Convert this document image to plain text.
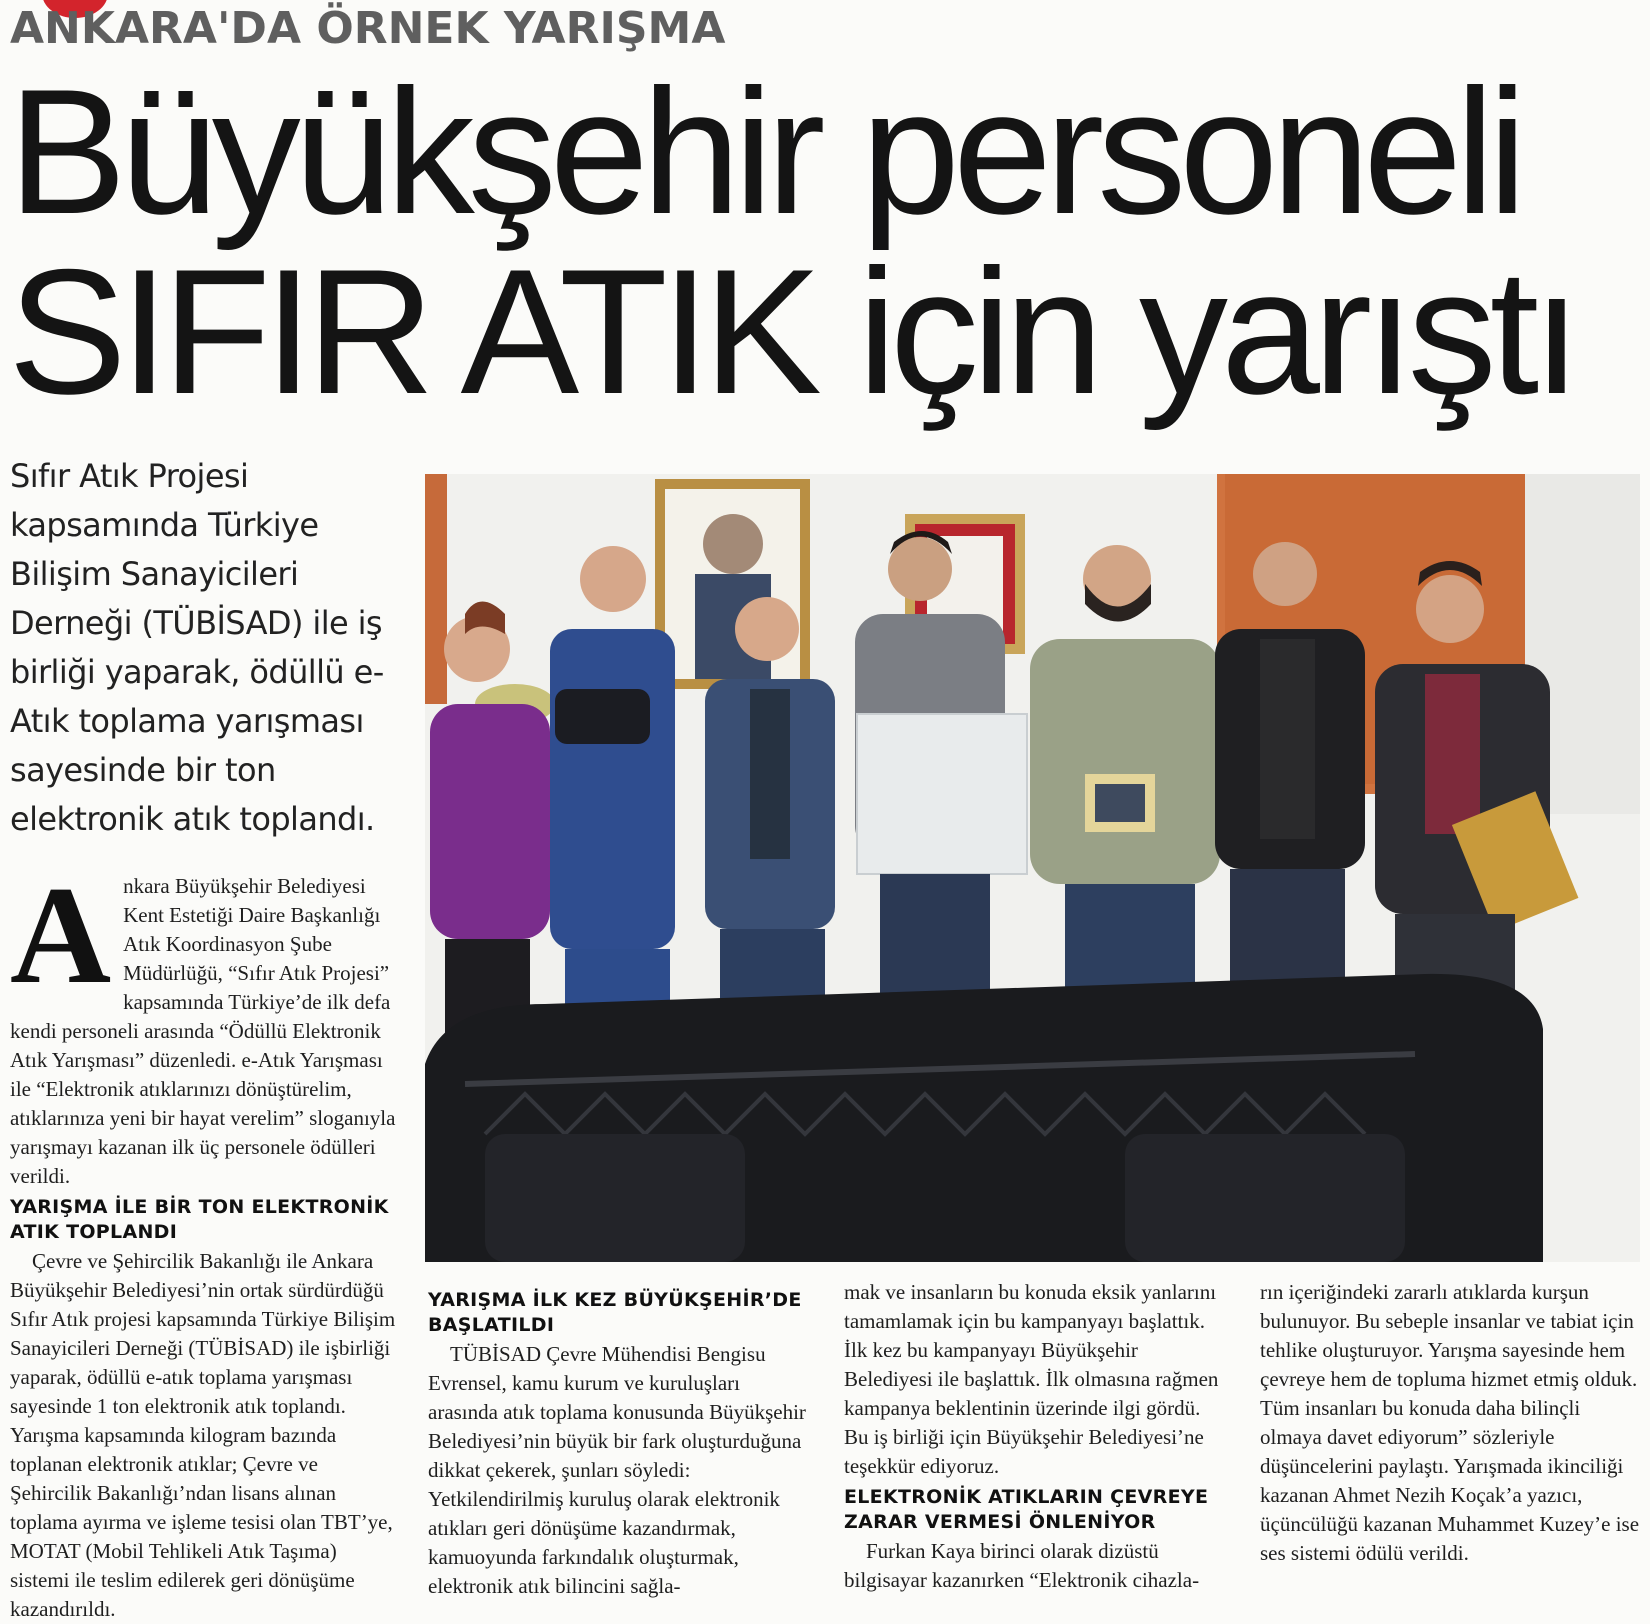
ANKARA'DA ÖRNEK YARIŞMA
Büyükşehir personeli
SIFIR ATIK için yarıştı

Sıfır Atık Projesi kapsamında Türkiye Bilişim Sanayicileri Derneği (TÜBİSAD) ile iş birliği yaparak, ödüllü e-Atık toplama yarışması sayesinde bir ton elektronik atık toplandı.

A nkara Büyükşehir Belediyesi Kent Estetiği Daire Başkanlığı Atık Koordinasyon Şube Müdürlüğü, “Sıfır Atık Projesi” kapsamında Türkiye’de ilk defa kendi personeli arasında “Ödüllü Elektronik Atık Yarışması” düzenledi. e-Atık Yarışması ile “Elektronik atıklarınızı dönüştürelim, atıklarınıza yeni bir hayat verelim” sloganıyla yarışmayı kazanan ilk üç personele ödülleri verildi.

YARIŞMA İLE BİR TON ELEKTRONİK ATIK TOPLANDI

Çevre ve Şehircilik Bakanlığı ile Ankara Büyükşehir Belediyesi’nin ortak sürdürdüğü Sıfır Atık projesi kapsamında Türkiye Bilişim Sanayicileri Derneği (TÜBİSAD) ile işbirliği yaparak, ödüllü e-atık toplama yarışması sayesinde 1 ton elektronik atık toplandı. Yarışma kapsamında kilogram bazında toplanan elektronik atıklar; Çevre ve Şehircilik Bakanlığı’ndan lisans alınan toplama ayırma ve işleme tesisi olan TBT’ye, MOTAT (Mobil Tehlikeli Atık Taşıma) sistemi ile teslim edilerek geri dönüşüme kazandırıldı.

YARIŞMA İLK KEZ BÜYÜKŞEHİR’DE BAŞLATILDI

TÜBİSAD Çevre Mühendisi Bengisu Evrensel, kamu kurum ve kuruluşları arasında atık toplama konusunda Büyükşehir Belediyesi’nin büyük bir fark oluşturduğuna dikkat çekerek, şunları söyledi: Yetkilendirilmiş kuruluş olarak elektronik atıkları geri dönüşüme kazandırmak, kamuoyunda farkındalık oluşturmak, elektronik atık bilincini sağla-

mak ve insanların bu konuda eksik yanlarını tamamlamak için bu kampanyayı başlattık. İlk kez bu kampanyayı Büyükşehir Belediyesi ile başlattık. İlk olmasına rağmen kampanya beklentinin üzerinde ilgi gördü. Bu iş birliği için Büyükşehir Belediyesi’ne teşekkür ediyoruz.

ELEKTRONİK ATIKLARIN ÇEVREYE ZARAR VERMESİ ÖNLENİYOR

Furkan Kaya birinci olarak dizüstü bilgisayar kazanırken “Elektronik cihazla-

rın içeriğindeki zararlı atıklarda kurşun bulunuyor. Bu sebeple insanlar ve tabiat için tehlike oluşturuyor. Yarışma sayesinde hem çevreye hem de topluma hizmet etmiş olduk. Tüm insanları bu konuda daha bilinçli olmaya davet ediyorum” sözleriyle düşüncelerini paylaştı. Yarışmada ikinciliği kazanan Ahmet Nezih Koçak’a yazıcı, üçüncülüğü kazanan Muhammet Kuzey’e ise ses sistemi ödülü verildi.
